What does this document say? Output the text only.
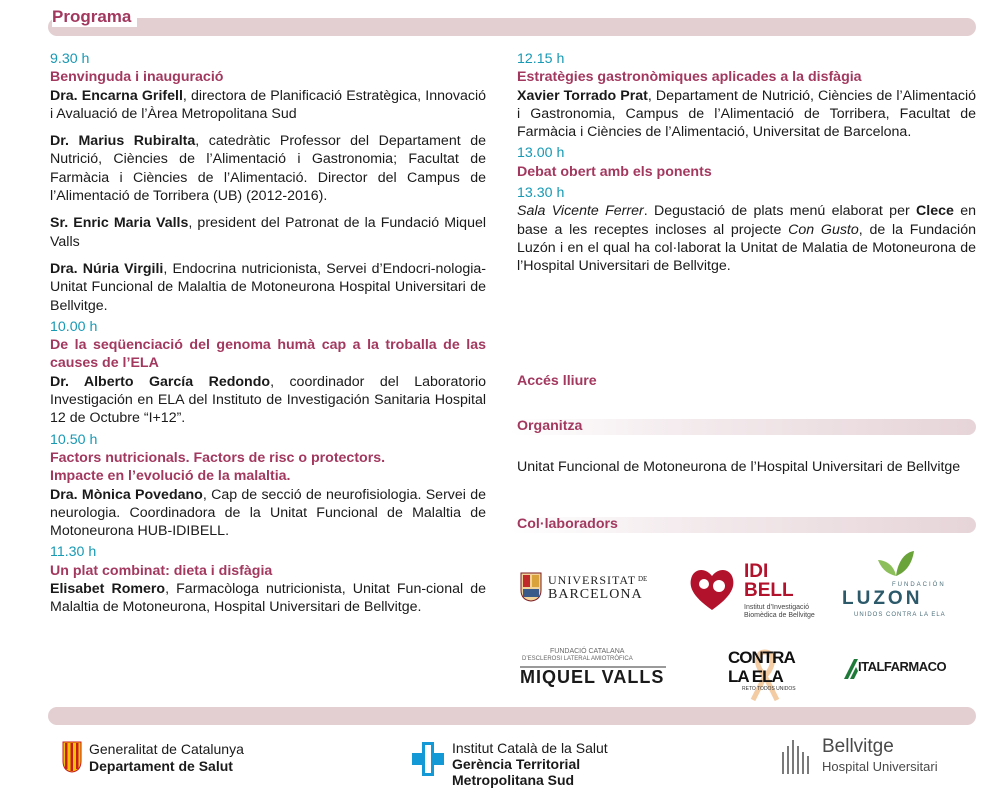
Programa
9.30 h
Benvinguda i inauguració

Dra. Encarna Grifell, directora de Planificació Estratègica, Innovació i Avaluació de l’Àrea Metropolitana Sud

Dr. Marius Rubiralta, catedràtic Professor del Departament de Nutrició, Ciències de l’Alimentació i Gastronomia; Facultat de Farmàcia i Ciències de l’Alimentació. Director del Campus de l’Alimentació de Torribera (UB) (2012-2016).

Sr. Enric Maria Valls, president del Patronat de la Fundació Miquel Valls

Dra. Núria Virgili, Endocrina nutricionista, Servei d’Endocri-nologia- Unitat Funcional de Malaltia de Motoneurona Hospital Universitari de Bellvitge.

10.00 h
De la seqüenciació del genoma humà cap a la troballa de las causes de l’ELA

Dr. Alberto García Redondo, coordinador del Laboratorio Investigación en ELA del Instituto de Investigación Sanitaria Hospital 12 de Octubre “I+12”.

10.50 h
Factors nutricionals. Factors de risc o protectors.
Impacte en l’evolució de la malaltia.

Dra. Mònica Povedano, Cap de secció de neurofisiologia. Servei de neurologia. Coordinadora de la Unitat Funcional de Malaltia de Motoneurona HUB-IDIBELL.

11.30 h
Un plat combinat: dieta i disfàgia

Elisabet Romero, Farmacòloga nutricionista, Unitat Fun-cional de Malaltia de Motoneurona, Hospital Universitari de Bellvitge.

12.15 h
Estratègies gastronòmiques aplicades a la disfàgia

Xavier Torrado Prat, Departament de Nutrició, Ciències de l’Alimentació i Gastronomia, Campus de l’Alimentació de Torribera, Facultat de Farmàcia i Ciències de l’Alimentació, Universitat de Barcelona.

13.00 h
Debat obert amb els ponents
13.30 h

Sala Vicente Ferrer. Degustació de plats menú elaborat per Clece en base a les receptes incloses al projecte Con Gusto, de la Fundación Luzón i en el qual ha col·laborat la Unitat de Malatia de Motoneurona de l’Hospital Universitari de Bellvitge.

Accés lliure
Organitza
Unitat Funcional de Motoneurona de l’Hospital Universitari de Bellvitge
Col·laboradors
UNIVERSITAT DE
BARCELONA
IDI
BELL
Institut d’Investigació
Biomèdica de Bellvitge
FUNDACIÓN
LUZON
UNIDOS CONTRA LA ELA
FUNDACIÓ CATALANA
D’ESCLEROSI LATERAL AMIOTRÒFICA
MIQUEL VALLS
CONTRA
LA ELA
RETO TODOS UNIDOS
ITALFARMACO
Generalitat de Catalunya
Departament de Salut
Institut Català de la Salut
Gerència Territorial
Metropolitana Sud
Bellvitge
Hospital Universitari
